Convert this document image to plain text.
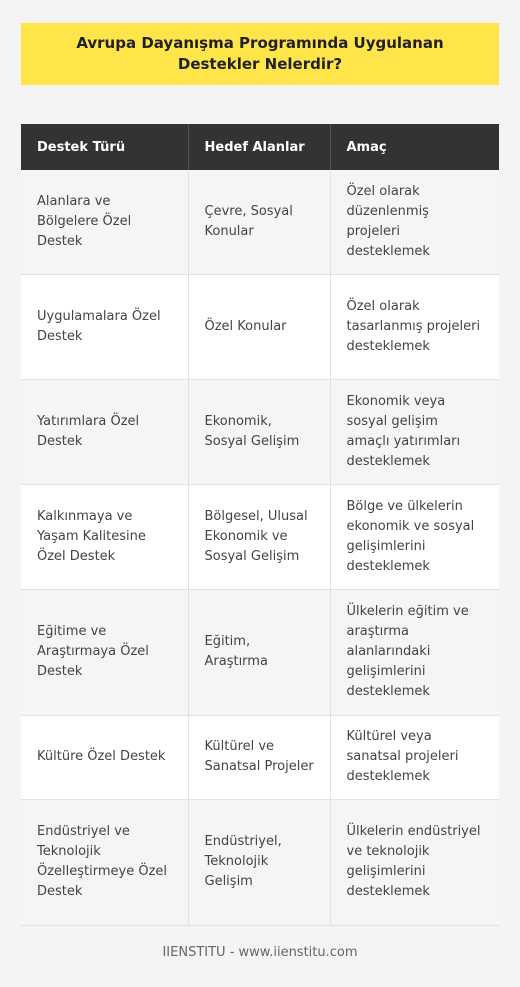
Avrupa Dayanışma Programında Uygulanan Destekler Nelerdir?
Destek Türü	Hedef Alanlar	Amaç
Alanlara ve Bölgelere Özel Destek	Çevre, Sosyal Konular	Özel olarak düzenlenmiş projeleri desteklemek
Uygulamalara Özel Destek	Özel Konular	Özel olarak tasarlanmış projeleri desteklemek
Yatırımlara Özel Destek	Ekonomik, Sosyal Gelişim	Ekonomik veya sosyal gelişim amaçlı yatırımları desteklemek
Kalkınmaya ve Yaşam Kalitesine Özel Destek	Bölgesel, Ulusal Ekonomik ve Sosyal Gelişim	Bölge ve ülkelerin ekonomik ve sosyal gelişimlerini desteklemek
Eğitime ve Araştırmaya Özel Destek	Eğitim, Araştırma	Ülkelerin eğitim ve araştırma alanlarındaki gelişimlerini desteklemek
Kültüre Özel Destek	Kültürel ve Sanatsal Projeler	Kültürel veya sanatsal projeleri desteklemek
Endüstriyel ve Teknolojik Özelleştirmeye Özel Destek	Endüstriyel, Teknolojik Gelişim	Ülkelerin endüstriyel ve teknolojik gelişimlerini desteklemek
IIENSTITU - www.iienstitu.com
